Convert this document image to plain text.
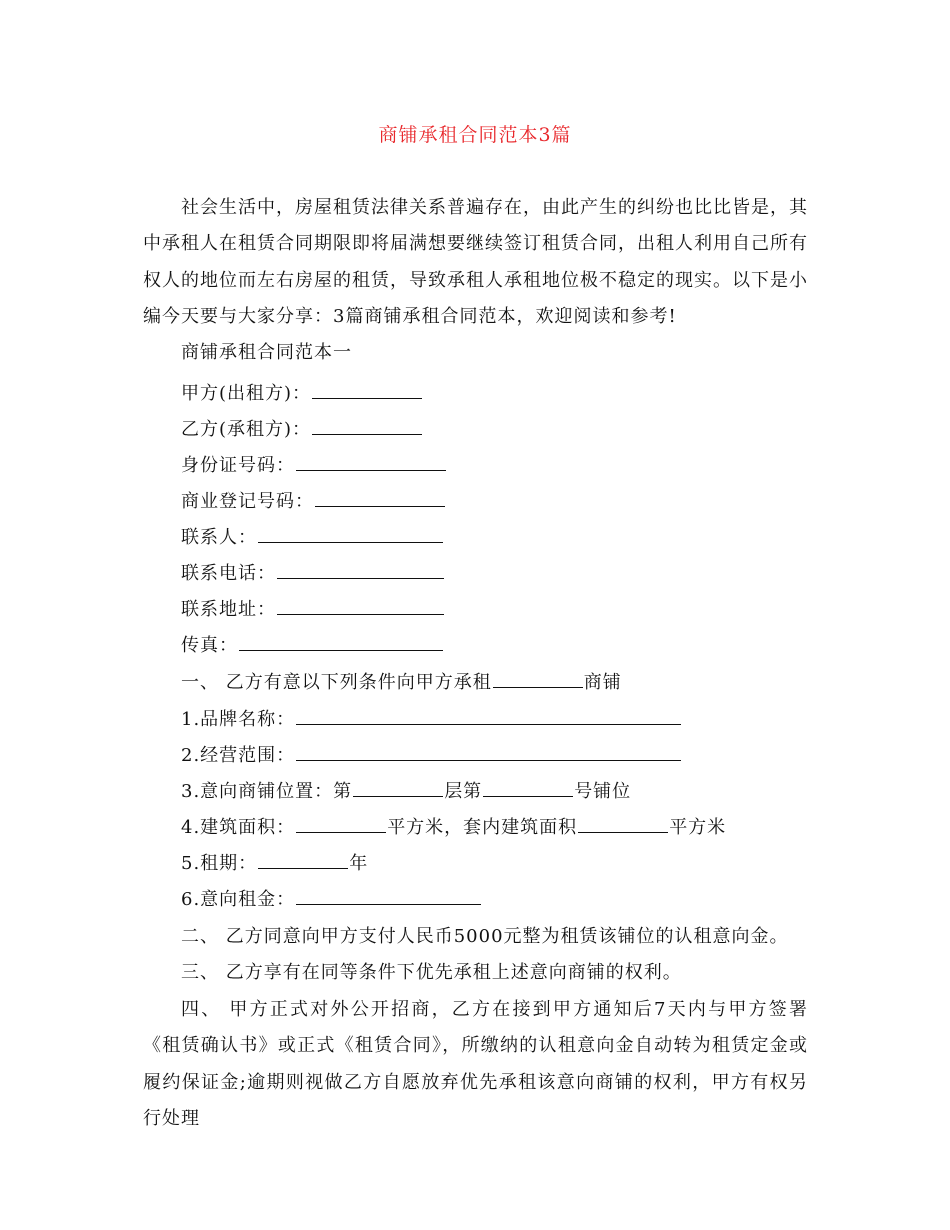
商铺承租合同范本3篇
社会生活中，房屋租赁法律关系普遍存在，由此产生的纠纷也比比皆是，其中承租人在租赁合同期限即将届满想要继续签订租赁合同，出租人利用自己所有权人的地位而左右房屋的租赁，导致承租人承租地位极不稳定的现实。以下是小编今天要与大家分享：3篇商铺承租合同范本，欢迎阅读和参考!
商铺承租合同范本一
甲方(出租方)：
乙方(承租方)：
身份证号码：
商业登记号码：
联系人：
联系电话：
联系地址：
传真：
一、 乙方有意以下列条件向甲方承租	商铺
1.品牌名称：
2.经营范围：
3.意向商铺位置：第	层第	号铺位
4.建筑面积：	平方米，套内建筑面积	平方米
5.租期：	年
6.意向租金：
二、 乙方同意向甲方支付人民币5000元整为租赁该铺位的认租意向金。
三、 乙方享有在同等条件下优先承租上述意向商铺的权利。
四、 甲方正式对外公开招商，乙方在接到甲方通知后7天内与甲方签署《租赁确认书》或正式《租赁合同》，所缴纳的认租意向金自动转为租赁定金或履约保证金;逾期则视做乙方自愿放弃优先承租该意向商铺的权利，甲方有权另行处理
